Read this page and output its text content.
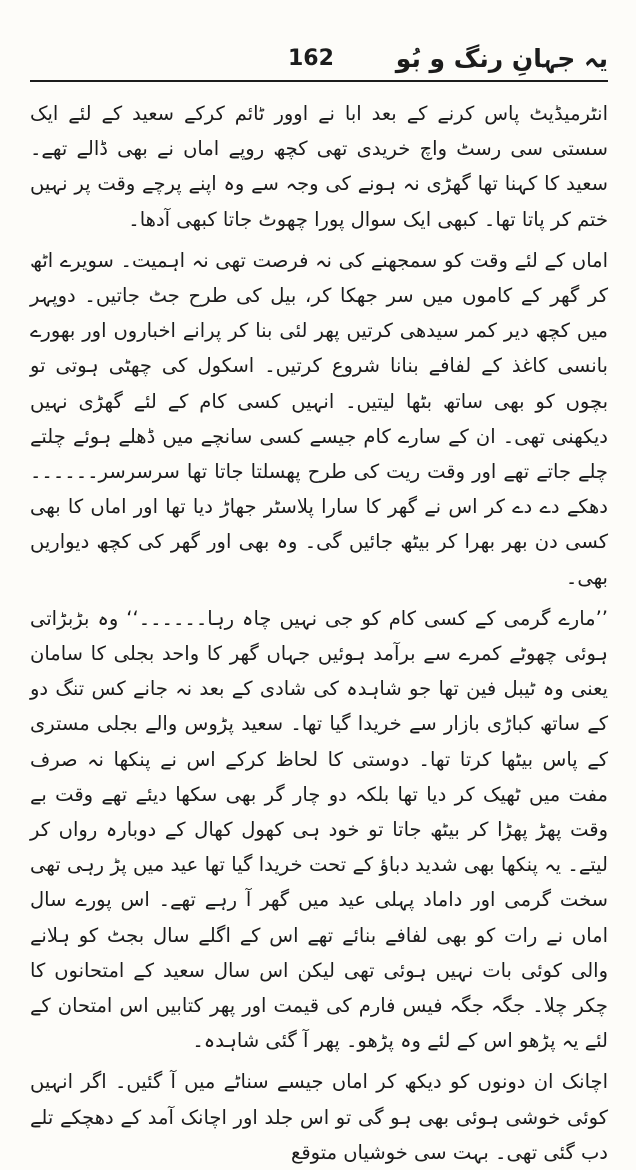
یہ جہانِ رنگ و بُو
162

انٹرمیڈیٹ پاس کرنے کے بعد ابا نے اوور ٹائم کرکے سعید کے لئے ایک سستی سی رسٹ واچ خریدی تھی کچھ روپے اماں نے بھی ڈالے تھے۔ سعید کا کہنا تھا گھڑی نہ ہونے کی وجہ سے وہ اپنے پرچے وقت پر نہیں ختم کر پاتا تھا۔ کبھی ایک سوال پورا چھوٹ جاتا کبھی آدھا۔

اماں کے لئے وقت کو سمجھنے کی نہ فرصت تھی نہ اہمیت۔ سویرے اٹھ کر گھر کے کاموں میں سر جھکا کر، بیل کی طرح جٹ جاتیں۔ دوپہر میں کچھ دیر کمر سیدھی کرتیں پھر لئی بنا کر پرانے اخباروں اور بھورے بانسی کاغذ کے لفافے بنانا شروع کرتیں۔ اسکول کی چھٹی ہوتی تو بچوں کو بھی ساتھ بٹھا لیتیں۔ انہیں کسی کام کے لئے گھڑی نہیں دیکھنی تھی۔ ان کے سارے کام جیسے کسی سانچے میں ڈھلے ہوئے چلتے چلے جاتے تھے اور وقت ریت کی طرح پھسلتا جاتا تھا سرسرسر۔۔۔۔۔۔ دھکے دے دے کر اس نے گھر کا سارا پلاسٹر جھاڑ دیا تھا اور اماں کا بھی کسی دن بھر بھرا کر بیٹھ جائیں گی۔ وہ بھی اور گھر کی کچھ دیواریں بھی۔

’’مارے گرمی کے کسی کام کو جی نہیں چاہ رہا۔۔۔۔۔۔‘‘ وہ بڑبڑاتی ہوئی چھوٹے کمرے سے برآمد ہوئیں جہاں گھر کا واحد بجلی کا سامان یعنی وہ ٹیبل فین تھا جو شاہدہ کی شادی کے بعد نہ جانے کس تنگ دو کے ساتھ کباڑی بازار سے خریدا گیا تھا۔ سعید پڑوس والے بجلی مستری کے پاس بیٹھا کرتا تھا۔ دوستی کا لحاظ کرکے اس نے پنکھا نہ صرف مفت میں ٹھیک کر دیا تھا بلکہ دو چار گر بھی سکھا دیئے تھے وقت بے وقت پھڑ پھڑا کر بیٹھ جاتا تو خود ہی کھول کھال کے دوبارہ رواں کر لیتے۔ یہ پنکھا بھی شدید دباؤ کے تحت خریدا گیا تھا عید میں پڑ رہی تھی سخت گرمی اور داماد پہلی عید میں گھر آ رہے تھے۔ اس پورے سال اماں نے رات کو بھی لفافے بنائے تھے اس کے اگلے سال بجٹ کو ہلانے والی کوئی بات نہیں ہوئی تھی لیکن اس سال سعید کے امتحانوں کا چکر چلا۔ جگہ جگہ فیس فارم کی قیمت اور پھر کتابیں اس امتحان کے لئے یہ پڑھو اس کے لئے وہ پڑھو۔ پھر آ گئی شاہدہ۔

اچانک ان دونوں کو دیکھ کر اماں جیسے سناٹے میں آ گئیں۔ اگر انہیں کوئی خوشی ہوئی بھی ہو گی تو اس جلد اور اچانک آمد کے دھچکے تلے دب گئی تھی۔ بہت سی خوشیاں متوقع
